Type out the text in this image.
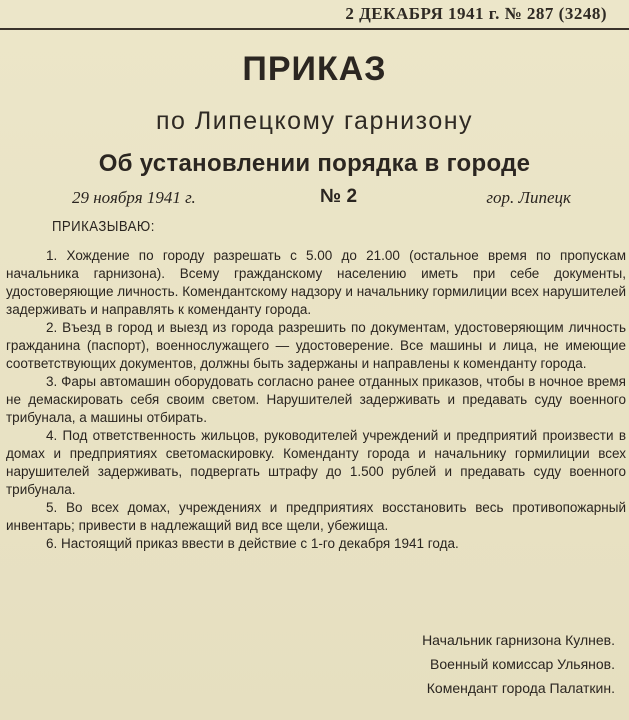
2 ДЕКАБРЯ 1941 г. № 287 (3248)
ПРИКАЗ
по Липецкому гарнизону
Об установлении порядка в городе
29 ноября 1941 г.	№ 2	гор. Липецк
ПРИКАЗЫВАЮ:

1. Хождение по городу разрешать с 5.00 до 21.00 (остальное время по пропускам начальника гарнизона). Всему гражданскому населению иметь при себе документы, удостоверяющие личность. Комендантскому надзору и начальнику гормилиции всех нарушителей задерживать и направлять к коменданту города.

2. Въезд в город и выезд из города разрешить по документам, удостоверяющим личность гражданина (паспорт), военнослужащего — удостоверение. Все машины и лица, не имеющие соответствующих документов, должны быть задержаны и направлены к коменданту города.

3. Фары автомашин оборудовать согласно ранее отданных приказов, чтобы в ночное время не демаскировать себя своим светом. Нарушителей задерживать и предавать суду военного трибунала, а машины отбирать.

4. Под ответственность жильцов, руководителей учреждений и предприятий произвести в домах и предприятиях светомаскировку. Коменданту города и начальнику гормилиции всех нарушителей задерживать, подвергать штрафу до 1.500 рублей и предавать суду военного трибунала.

5. Во всех домах, учреждениях и предприятиях восстановить весь противопожарный инвентарь; привести в надлежащий вид все щели, убежища.

6. Настоящий приказ ввести в действие с 1-го декабря 1941 года.

Начальник гарнизона Кулнев.
Военный комиссар Ульянов.
Комендант города Палаткин.
